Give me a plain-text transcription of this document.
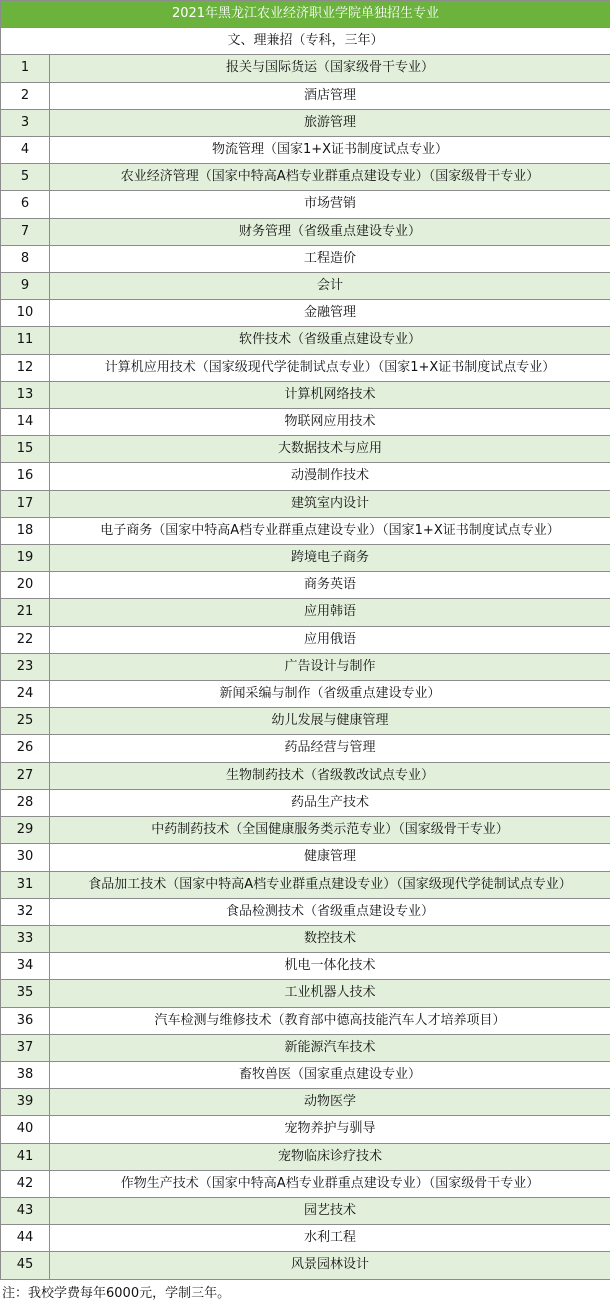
2021年黑龙江农业经济职业学院单独招生专业	
文、理兼招（专科，三年）	
1	报关与国际货运（国家级骨干专业）
2	酒店管理
3	旅游管理
4	物流管理（国家1+X证书制度试点专业）
5	农业经济管理（国家中特高A档专业群重点建设专业）（国家级骨干专业）
6	市场营销
7	财务管理（省级重点建设专业）
8	工程造价
9	会计
10	金融管理
11	软件技术（省级重点建设专业）
12	计算机应用技术（国家级现代学徒制试点专业）（国家1+X证书制度试点专业）
13	计算机网络技术
14	物联网应用技术
15	大数据技术与应用
16	动漫制作技术
17	建筑室内设计
18	电子商务（国家中特高A档专业群重点建设专业）（国家1+X证书制度试点专业）
19	跨境电子商务
20	商务英语
21	应用韩语
22	应用俄语
23	广告设计与制作
24	新闻采编与制作（省级重点建设专业）
25	幼儿发展与健康管理
26	药品经营与管理
27	生物制药技术（省级教改试点专业）
28	药品生产技术
29	中药制药技术（全国健康服务类示范专业）（国家级骨干专业）
30	健康管理
31	食品加工技术（国家中特高A档专业群重点建设专业）（国家级现代学徒制试点专业）
32	食品检测技术（省级重点建设专业）
33	数控技术
34	机电一体化技术
35	工业机器人技术
36	汽车检测与维修技术（教育部中德高技能汽车人才培养项目）
37	新能源汽车技术
38	畜牧兽医（国家重点建设专业）
39	动物医学
40	宠物养护与驯导
41	宠物临床诊疗技术
42	作物生产技术（国家中特高A档专业群重点建设专业）（国家级骨干专业）
43	园艺技术
44	水利工程
45	风景园林设计
注：我校学费每年6000元，学制三年。
